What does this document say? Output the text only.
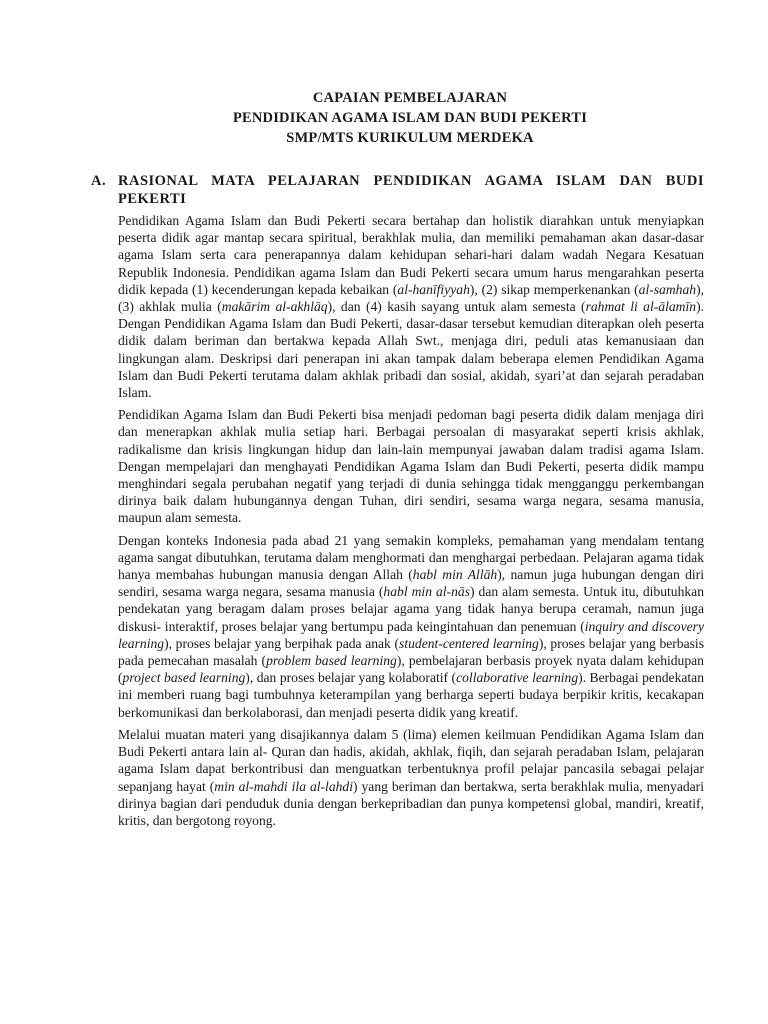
CAPAIAN PEMBELAJARAN
PENDIDIKAN AGAMA ISLAM DAN BUDI PEKERTI
SMP/MTS KURIKULUM MERDEKA
A. RASIONAL MATA PELAJARAN PENDIDIKAN AGAMA ISLAM DAN BUDI PEKERTI

Pendidikan Agama Islam dan Budi Pekerti secara bertahap dan holistik diarahkan untuk menyiapkan peserta didik agar mantap secara spiritual, berakhlak mulia, dan memiliki pemahaman akan dasar-dasar agama Islam serta cara penerapannya dalam kehidupan sehari-hari dalam wadah Negara Kesatuan Republik Indonesia. Pendidikan agama Islam dan Budi Pekerti secara umum harus mengarahkan peserta didik kepada (1) kecenderungan kepada kebaikan (al-hanīfiyyah), (2) sikap memperkenankan (al-samhah), (3) akhlak mulia (makārim al-akhlāq), dan (4) kasih sayang untuk alam semesta (rahmat li al-ālamīn). Dengan Pendidikan Agama Islam dan Budi Pekerti, dasar-dasar tersebut kemudian diterapkan oleh peserta didik dalam beriman dan bertakwa kepada Allah Swt., menjaga diri, peduli atas kemanusiaan dan lingkungan alam. Deskripsi dari penerapan ini akan tampak dalam beberapa elemen Pendidikan Agama Islam dan Budi Pekerti terutama dalam akhlak pribadi dan sosial, akidah, syari’at dan sejarah peradaban Islam.

Pendidikan Agama Islam dan Budi Pekerti bisa menjadi pedoman bagi peserta didik dalam menjaga diri dan menerapkan akhlak mulia setiap hari. Berbagai persoalan di masyarakat seperti krisis akhlak, radikalisme dan krisis lingkungan hidup dan lain-lain mempunyai jawaban dalam tradisi agama Islam. Dengan mempelajari dan menghayati Pendidikan Agama Islam dan Budi Pekerti, peserta didik mampu menghindari segala perubahan negatif yang terjadi di dunia sehingga tidak mengganggu perkembangan dirinya baik dalam hubungannya dengan Tuhan, diri sendiri, sesama warga negara, sesama manusia, maupun alam semesta.

Dengan konteks Indonesia pada abad 21 yang semakin kompleks, pemahaman yang mendalam tentang agama sangat dibutuhkan, terutama dalam menghormati dan menghargai perbedaan. Pelajaran agama tidak hanya membahas hubungan manusia dengan Allah (habl min Allāh), namun juga hubungan dengan diri sendiri, sesama warga negara, sesama manusia (habl min al-nās) dan alam semesta. Untuk itu, dibutuhkan pendekatan yang beragam dalam proses belajar agama yang tidak hanya berupa ceramah, namun juga diskusi- interaktif, proses belajar yang bertumpu pada keingintahuan dan penemuan (inquiry and discovery learning), proses belajar yang berpihak pada anak (student-centered learning), proses belajar yang berbasis pada pemecahan masalah (problem based learning), pembelajaran berbasis proyek nyata dalam kehidupan (project based learning), dan proses belajar yang kolaboratif (collaborative learning). Berbagai pendekatan ini memberi ruang bagi tumbuhnya keterampilan yang berharga seperti budaya berpikir kritis, kecakapan berkomunikasi dan berkolaborasi, dan menjadi peserta didik yang kreatif.

Melalui muatan materi yang disajikannya dalam 5 (lima) elemen keilmuan Pendidikan Agama Islam dan Budi Pekerti antara lain al- Quran dan hadis, akidah, akhlak, fiqih, dan sejarah peradaban Islam, pelajaran agama Islam dapat berkontribusi dan menguatkan terbentuknya profil pelajar pancasila sebagai pelajar sepanjang hayat (min al-mahdi ila al-lahdi) yang beriman dan bertakwa, serta berakhlak mulia, menyadari dirinya bagian dari penduduk dunia dengan berkepribadian dan punya kompetensi global, mandiri, kreatif, kritis, dan bergotong royong.
